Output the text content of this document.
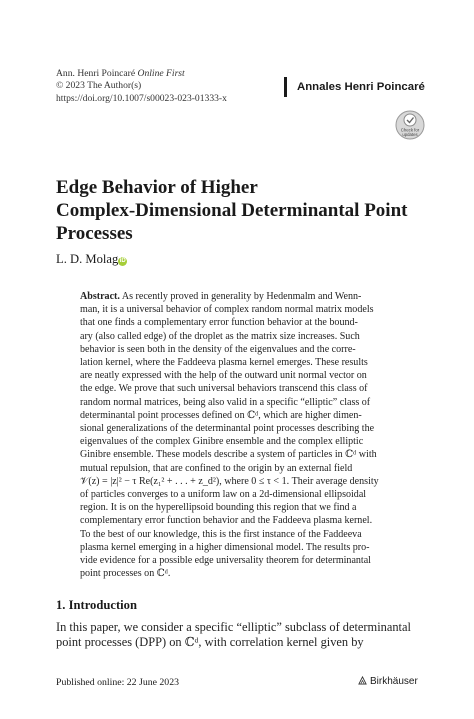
Ann. Henri Poincaré Online First
© 2023 The Author(s)
https://doi.org/10.1007/s00023-023-01333-x
Annales Henri Poincaré
Check for
updates
Edge Behavior of Higher
Complex-Dimensional Determinantal Point
Processes
L. D. Molag iD
Abstract. As recently proved in generality by Hedenmalm and Wenn-
man, it is a universal behavior of complex random normal matrix models
that one finds a complementary error function behavior at the bound-
ary (also called edge) of the droplet as the matrix size increases. Such
behavior is seen both in the density of the eigenvalues and the corre-
lation kernel, where the Faddeeva plasma kernel emerges. These results
are neatly expressed with the help of the outward unit normal vector on
the edge. We prove that such universal behaviors transcend this class of
random normal matrices, being also valid in a specific “elliptic” class of
determinantal point processes defined on ℂᵈ, which are higher dimen-
sional generalizations of the determinantal point processes describing the
eigenvalues of the complex Ginibre ensemble and the complex elliptic
Ginibre ensemble. These models describe a system of particles in ℂᵈ with
mutual repulsion, that are confined to the origin by an external field
𝒱(z) = |z|² − τ Re(z₁² + . . . + z_d²), where 0 ≤ τ < 1. Their average density
of particles converges to a uniform law on a 2d-dimensional ellipsoidal
region. It is on the hyperellipsoid bounding this region that we find a
complementary error function behavior and the Faddeeva plasma kernel.
To the best of our knowledge, this is the first instance of the Faddeeva
plasma kernel emerging in a higher dimensional model. The results pro-
vide evidence for a possible edge universality theorem for determinantal
point processes on ℂᵈ.
1. Introduction
In this paper, we consider a specific “elliptic” subclass of determinantal
point processes (DPP) on ℂᵈ, with correlation kernel given by
Published online: 22 June 2023	Birkhäuser
